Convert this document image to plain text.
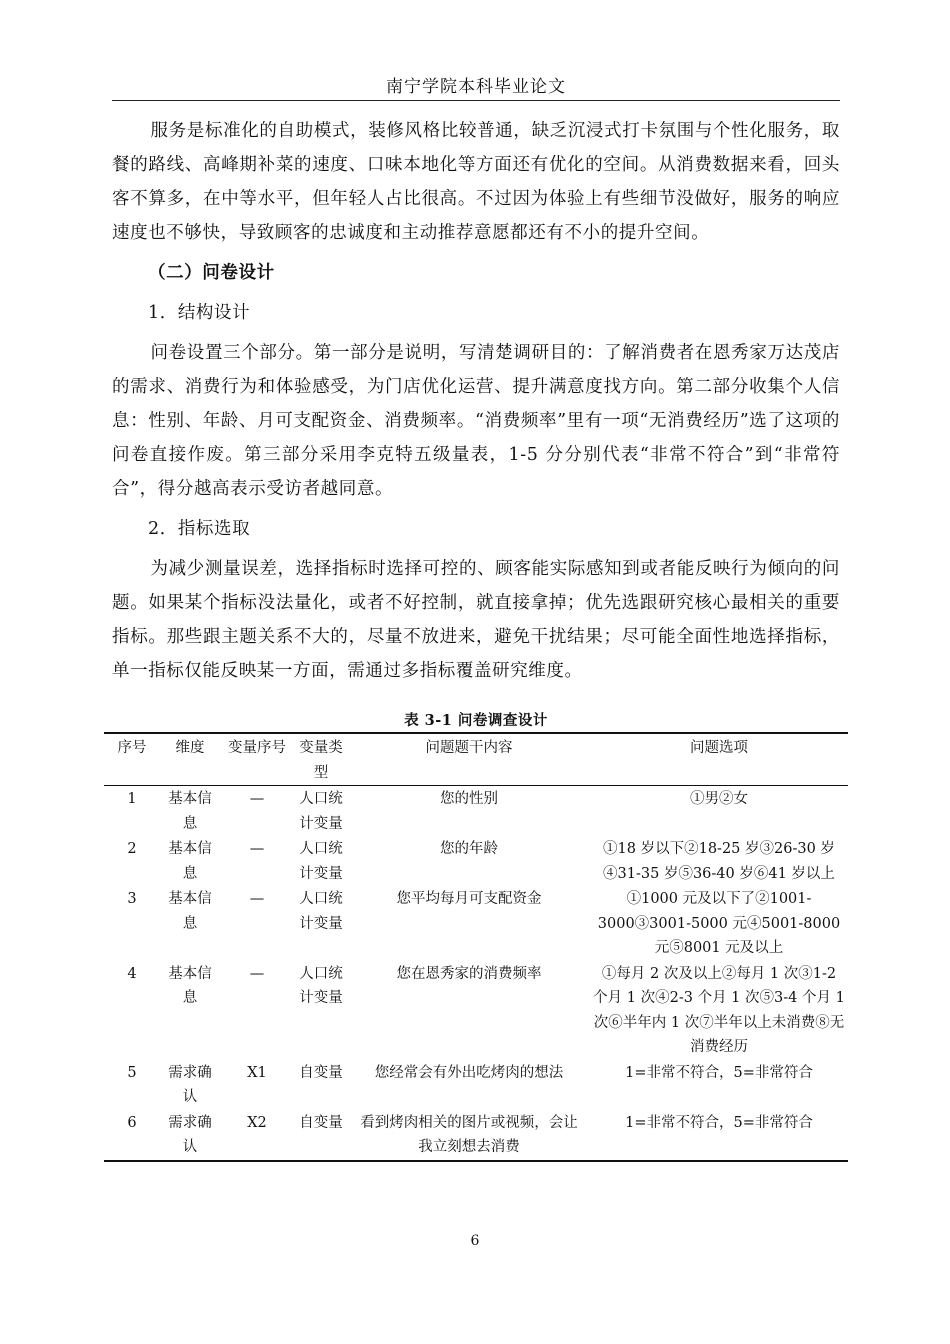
南宁学院本科毕业论文

服务是标准化的自助模式，装修风格比较普通，缺乏沉浸式打卡氛围与个性化服务，取餐的路线、高峰期补菜的速度、口味本地化等方面还有优化的空间。从消费数据来看，回头客不算多，在中等水平，但年轻人占比很高。不过因为体验上有些细节没做好，服务的响应速度也不够快，导致顾客的忠诚度和主动推荐意愿都还有不小的提升空间。

（二）问卷设计

1．结构设计

问卷设置三个部分。第一部分是说明，写清楚调研目的：了解消费者在恩秀家万达茂店的需求、消费行为和体验感受，为门店优化运营、提升满意度找方向。第二部分收集个人信息：性别、年龄、月可支配资金、消费频率。“消费频率”里有一项“无消费经历”选了这项的问卷直接作废。第三部分采用李克特五级量表，1-5 分分别代表“非常不符合”到“非常符合”，得分越高表示受访者越同意。

2．指标选取

为减少测量误差，选择指标时选择可控的、顾客能实际感知到或者能反映行为倾向的问题。如果某个指标没法量化，或者不好控制，就直接拿掉；优先选跟研究核心最相关的重要指标。那些跟主题关系不大的，尽量不放进来，避免干扰结果；尽可能全面性地选择指标，单一指标仅能反映某一方面，需通过多指标覆盖研究维度。

表 3-1 问卷调查设计
序号	维度	变量序号	变量类型	问题题干内容	问题选项
1	基本信息	—	人口统计变量	您的性别	①男②女
2	基本信息	—	人口统计变量	您的年龄	①18 岁以下②18-25 岁③26-30 岁④31-35 岁⑤36-40 岁⑥41 岁以上
3	基本信息	—	人口统计变量	您平均每月可支配资金	①1000 元及以下了②1001-3000③3001-5000 元④5001-8000 元⑤8001 元及以上
4	基本信息	—	人口统计变量	您在恩秀家的消费频率	①每月 2 次及以上②每月 1 次③1-2 个月 1 次④2-3 个月 1 次⑤3-4 个月 1 次⑥半年内 1 次⑦半年以上未消费⑧无消费经历
5	需求确认	X1	自变量	您经常会有外出吃烤肉的想法	1=非常不符合，5=非常符合
6	需求确认	X2	自变量	看到烤肉相关的图片或视频，会让我立刻想去消费	1=非常不符合，5=非常符合
6
